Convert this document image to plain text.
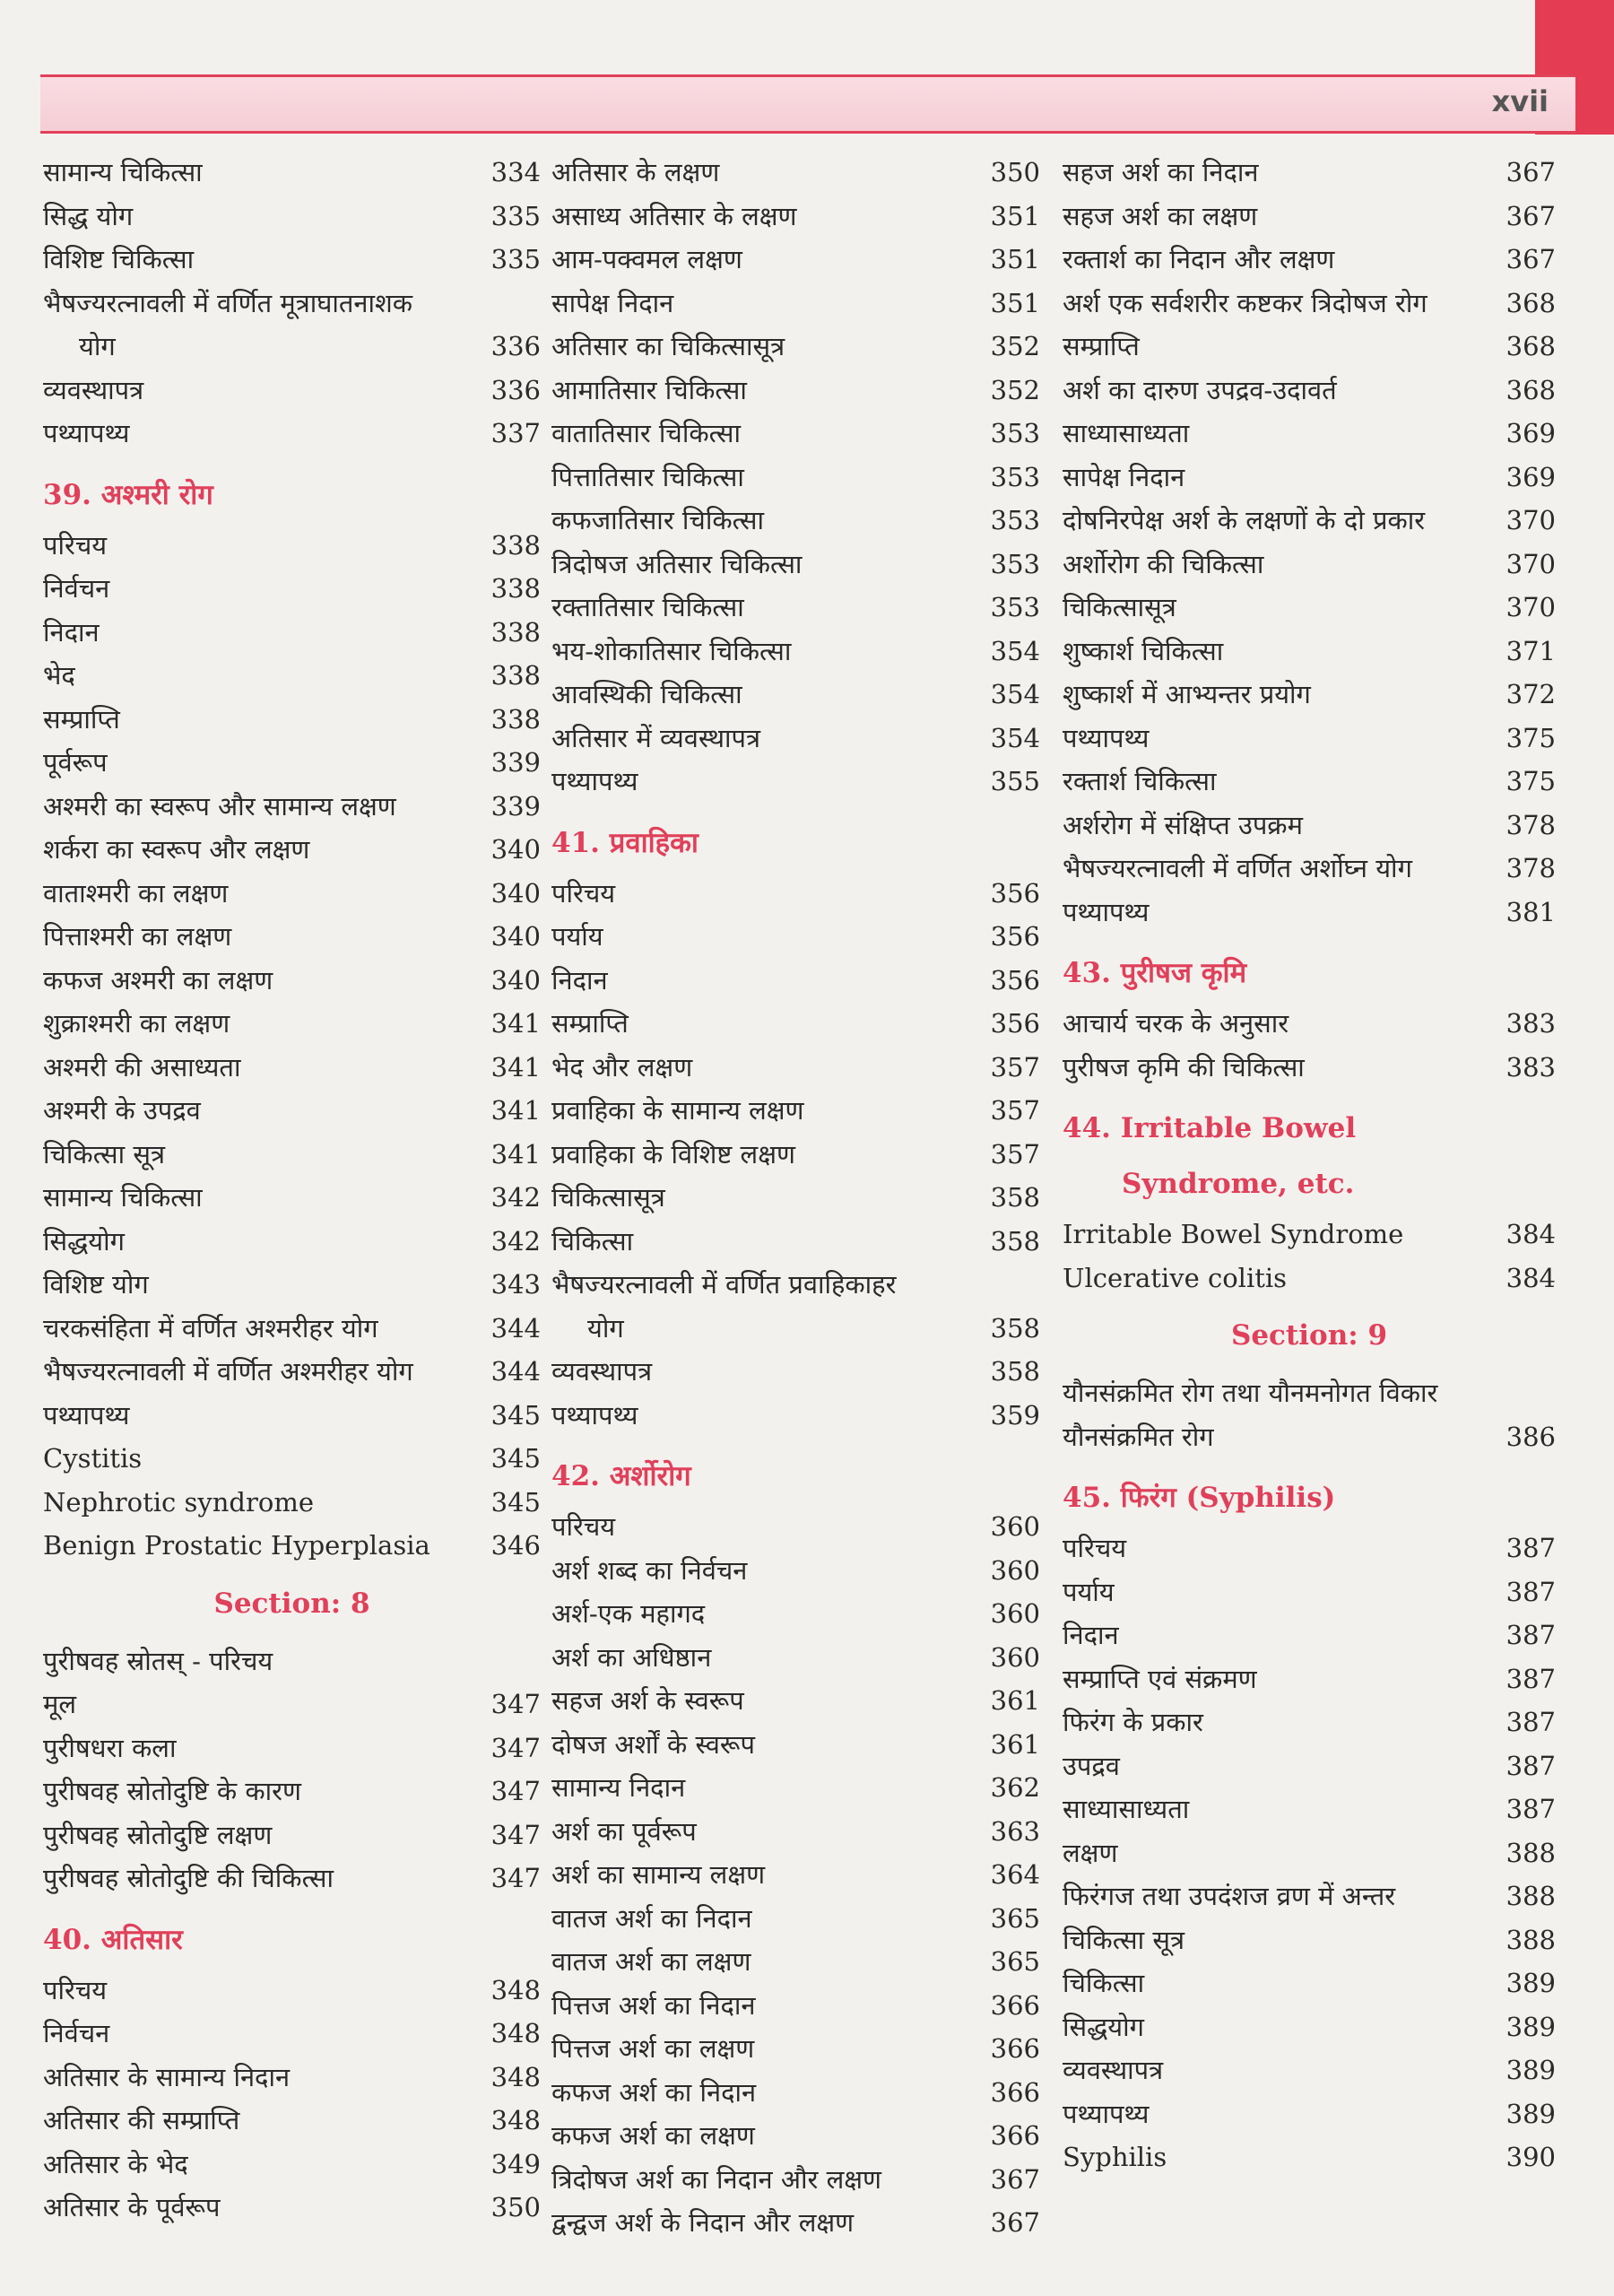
xvii
सामान्य चिकित्सा	334
सिद्ध योग	335
विशिष्ट चिकित्सा	335
भैषज्यरत्नावली में वर्णित मूत्राघातनाशक
योग	336
व्यवस्थापत्र	336
पथ्यापथ्य	337
39. अश्मरी रोग
परिचय	338
निर्वचन	338
निदान	338
भेद	338
सम्प्राप्ति	338
पूर्वरूप	339
अश्मरी का स्वरूप और सामान्य लक्षण	339
शर्करा का स्वरूप और लक्षण	340
वाताश्मरी का लक्षण	340
पित्ताश्मरी का लक्षण	340
कफज अश्मरी का लक्षण	340
शुक्राश्मरी का लक्षण	341
अश्मरी की असाध्यता	341
अश्मरी के उपद्रव	341
चिकित्सा सूत्र	341
सामान्य चिकित्सा	342
सिद्धयोग	342
विशिष्ट योग	343
चरकसंहिता में वर्णित अश्मरीहर योग	344
भैषज्यरत्नावली में वर्णित अश्मरीहर योग	344
पथ्यापथ्य	345
Cystitis	345
Nephrotic syndrome	345
Benign Prostatic Hyperplasia 346
Section: 8
पुरीषवह स्रोतस् - परिचय
मूल	347
पुरीषधरा कला	347
पुरीषवह स्रोतोदुष्टि के कारण	347
पुरीषवह स्रोतोदुष्टि लक्षण	347
पुरीषवह स्रोतोदुष्टि की चिकित्सा	347
40. अतिसार
परिचय	348
निर्वचन	348
अतिसार के सामान्य निदान	348
अतिसार की सम्प्राप्ति	348
अतिसार के भेद	349
अतिसार के पूर्वरूप	350
अतिसार के लक्षण	350
असाध्य अतिसार के लक्षण	351
आम-पक्वमल लक्षण	351
सापेक्ष निदान	351
अतिसार का चिकित्सासूत्र	352
आमातिसार चिकित्सा	352
वातातिसार चिकित्सा	353
पित्तातिसार चिकित्सा	353
कफजातिसार चिकित्सा	353
त्रिदोषज अतिसार चिकित्सा	353
रक्तातिसार चिकित्सा	353
भय-शोकातिसार चिकित्सा	354
आवस्थिकी चिकित्सा	354
अतिसार में व्यवस्थापत्र	354
पथ्यापथ्य	355
41. प्रवाहिका
परिचय	356
पर्याय	356
निदान	356
सम्प्राप्ति	356
भेद और लक्षण	357
प्रवाहिका के सामान्य लक्षण	357
प्रवाहिका के विशिष्ट लक्षण	357
चिकित्सासूत्र	358
चिकित्सा	358
भैषज्यरत्नावली में वर्णित प्रवाहिकाहर
योग	358
व्यवस्थापत्र	358
पथ्यापथ्य	359
42. अर्शोरोग
परिचय	360
अर्श शब्द का निर्वचन	360
अर्श-एक महागद	360
अर्श का अधिष्ठान	360
सहज अर्श के स्वरूप	361
दोषज अर्शों के स्वरूप	361
सामान्य निदान	362
अर्श का पूर्वरूप	363
अर्श का सामान्य लक्षण	364
वातज अर्श का निदान	365
वातज अर्श का लक्षण	365
पित्तज अर्श का निदान	366
पित्तज अर्श का लक्षण	366
कफज अर्श का निदान	366
कफज अर्श का लक्षण	366
त्रिदोषज अर्श का निदान और लक्षण	367
द्वन्द्वज अर्श के निदान और लक्षण	367
सहज अर्श का निदान	367
सहज अर्श का लक्षण	367
रक्तार्श का निदान और लक्षण	367
अर्श एक सर्वशरीर कष्टकर त्रिदोषज रोग	368
सम्प्राप्ति	368
अर्श का दारुण उपद्रव-उदावर्त	368
साध्यासाध्यता	369
सापेक्ष निदान	369
दोषनिरपेक्ष अर्श के लक्षणों के दो प्रकार	370
अर्शोरोग की चिकित्सा	370
चिकित्सासूत्र	370
शुष्कार्श चिकित्सा	371
शुष्कार्श में आभ्यन्तर प्रयोग	372
पथ्यापथ्य	375
रक्तार्श चिकित्सा	375
अर्शरोग में संक्षिप्त उपक्रम	378
भैषज्यरत्नावली में वर्णित अर्शोघ्न योग	378
पथ्यापथ्य	381
43. पुरीषज कृमि
आचार्य चरक के अनुसार	383
पुरीषज कृमि की चिकित्सा	383
44. Irritable Bowel
Syndrome, etc.
Irritable Bowel Syndrome	384
Ulcerative colitis	384
Section: 9
यौनसंक्रमित रोग तथा यौनमनोगत विकार
यौनसंक्रमित रोग	386
45. फिरंग (Syphilis)
परिचय	387
पर्याय	387
निदान	387
सम्प्राप्ति एवं संक्रमण	387
फिरंग के प्रकार	387
उपद्रव	387
साध्यासाध्यता	387
लक्षण	388
फिरंगज तथा उपदंशज व्रण में अन्तर	388
चिकित्सा सूत्र	388
चिकित्सा	389
सिद्धयोग	389
व्यवस्थापत्र	389
पथ्यापथ्य	389
Syphilis	390
